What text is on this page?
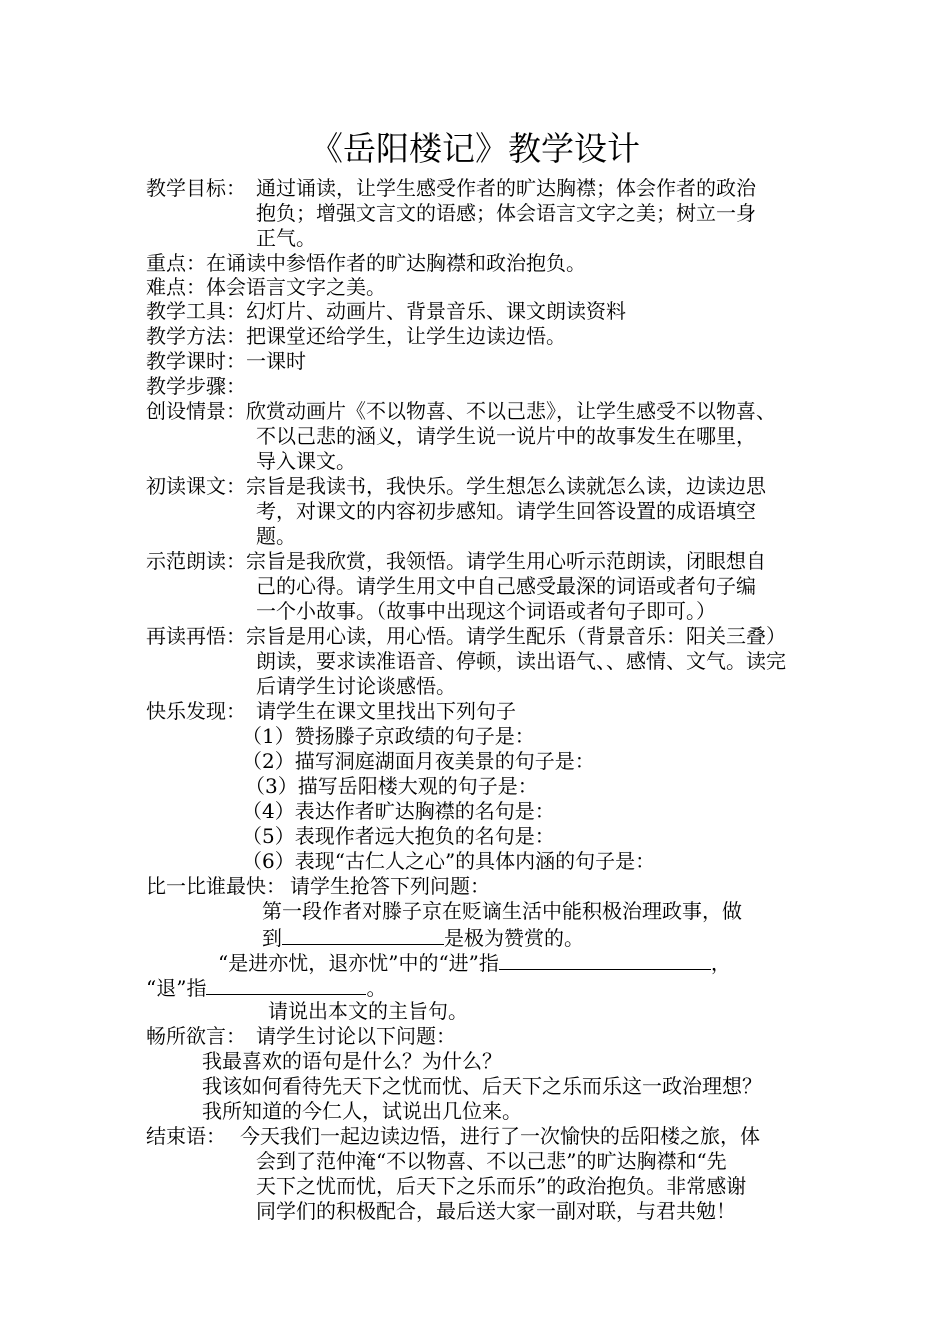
《岳阳楼记》教学设计
教学目标： 通过诵读，让学生感受作者的旷达胸襟；体会作者的政治
抱负；增强文言文的语感；体会语言文字之美；树立一身
正气。
重点：在诵读中参悟作者的旷达胸襟和政治抱负。
难点：体会语言文字之美。
教学工具：幻灯片、动画片、背景音乐、课文朗读资料
教学方法：把课堂还给学生，让学生边读边悟。
教学课时：一课时
教学步骤：
创设情景： 欣赏动画片《不以物喜、不以己悲》，让学生感受不以物喜、
不以己悲的涵义，请学生说一说片中的故事发生在哪里，
导入课文。
初读课文： 宗旨是我读书，我快乐。学生想怎么读就怎么读，边读边思
考，对课文的内容初步感知。请学生回答设置的成语填空
题。
示范朗读： 宗旨是我欣赏，我领悟。请学生用心听示范朗读，闭眼想自
己的心得。请学生用文中自己感受最深的词语或者句子编
一个小故事。（故事中出现这个词语或者句子即可。）
再读再悟： 宗旨是用心读，用心悟。请学生配乐（背景音乐：阳关三叠）
朗读，要求读准语音、停顿，读出语气、、感情、文气。读完
后请学生讨论谈感悟。
快乐发现： 请学生在课文里找出下列句子
（1）赞扬滕子京政绩的句子是：
（2）描写洞庭湖面月夜美景的句子是：
（3）描写岳阳楼大观的句子是：
（4）表达作者旷达胸襟的名句是：
（5）表现作者远大抱负的名句是：
（6）表现“古仁人之心”的具体内涵的句子是：
比一比谁最快： 请学生抢答下列问题：
第一段作者对滕子京在贬谪生活中能积极治理政事，做
到	是极为赞赏的。
“是进亦忧，退亦忧”中的“进”指	，
“退”指	。
请说出本文的主旨句。
畅所欲言： 请学生讨论以下问题：
我最喜欢的语句是什么？为什么？
我该如何看待先天下之忧而忧、后天下之乐而乐这一政治理想？
我所知道的今仁人，试说出几位来。
结束语： 今天我们一起边读边悟，进行了一次愉快的岳阳楼之旅，体
会到了范仲淹“不以物喜、不以己悲”的旷达胸襟和“先
天下之忧而忧，后天下之乐而乐”的政治抱负。非常感谢
同学们的积极配合，最后送大家一副对联，与君共勉！
